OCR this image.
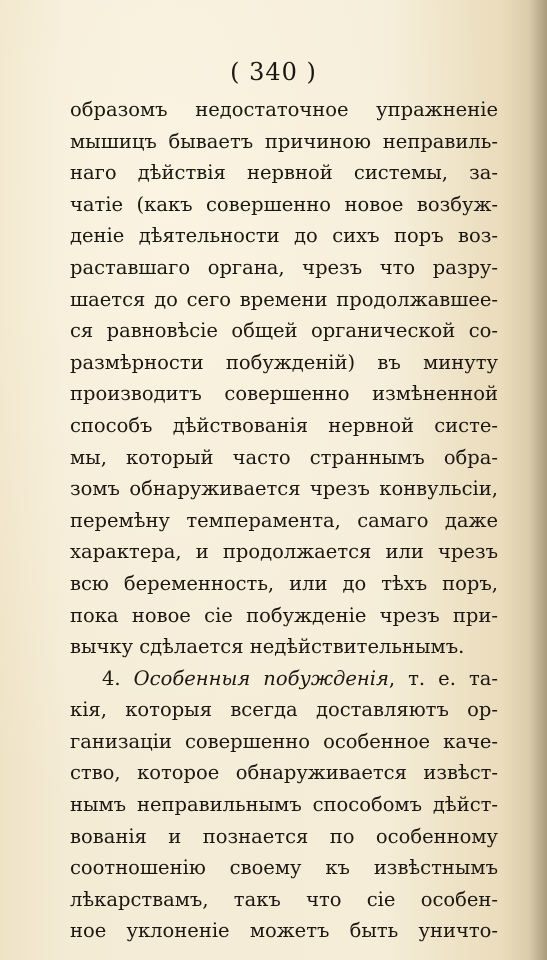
( 340 )
образомъ недостаточное упражненіе
мышицъ бываетъ причиною неправиль-
наго дѣйствія нервной системы, за-
чатіе (какъ совершенно новое возбуж-
деніе дѣятельности до сихъ поръ воз-
раставшаго органа, чрезъ что разру-
шается до сего времени продолжавшее-
ся равновѣсіе общей органической со-
размѣрности побужденій) въ минуту
производитъ совершенно измѣненной
способъ дѣйствованія нервной систе-
мы, который часто страннымъ обра-
зомъ обнаруживается чрезъ конвульсіи,
перемѣну темперамента, самаго даже
характера, и продолжается или чрезъ
всю беременность, или до тѣхъ поръ,
пока новое сіе побужденіе чрезъ при-
вычку сдѣлается недѣйствительнымъ.
4. Особенныя побужденія, т. е. та-
кія, которыя всегда доставляютъ ор-
ганизаціи совершенно особенное каче-
ство, которое обнаруживается извѣст-
нымъ неправильнымъ способомъ дѣйст-
вованія и познается по особенному
соотношенію своему къ извѣстнымъ
лѣкарствамъ, такъ что сіе особен-
ное уклоненіе можетъ быть уничто-
